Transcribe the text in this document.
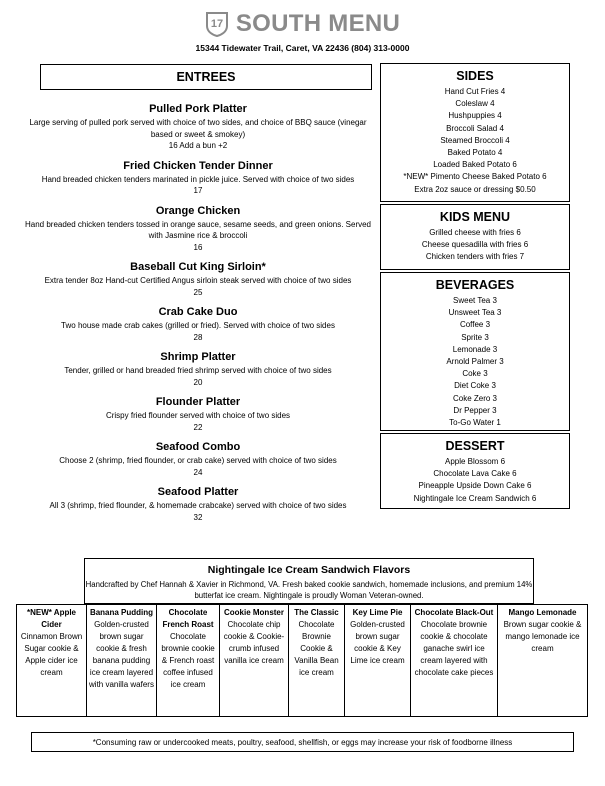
17 SOUTH MENU
15344 Tidewater Trail, Caret, VA 22436 (804) 313-0000
ENTREES
Pulled Pork Platter
Large serving of pulled pork served with choice of two sides, and choice of BBQ sauce (vinegar based or sweet & smokey)
16 Add a bun +2
Fried Chicken Tender Dinner
Hand breaded chicken tenders marinated in pickle juice. Served with choice of two sides
17
Orange Chicken
Hand breaded chicken tenders tossed in orange sauce, sesame seeds, and green onions. Served with Jasmine rice & broccoli
16
Baseball Cut King Sirloin*
Extra tender 8oz Hand-cut Certified Angus sirloin steak served with choice of two sides
25
Crab Cake Duo
Two house made crab cakes (grilled or fried). Served with choice of two sides
28
Shrimp Platter
Tender, grilled or hand breaded fried shrimp served with choice of two sides
20
Flounder Platter
Crispy fried flounder served with choice of two sides
22
Seafood Combo
Choose 2 (shrimp, fried flounder, or crab cake) served with choice of two sides
24
Seafood Platter
All 3 (shrimp, fried flounder, & homemade crabcake) served with choice of two sides
32
SIDES
Hand Cut Fries 4
Coleslaw 4
Hushpuppies 4
Broccoli Salad 4
Steamed Broccoli 4
Baked Potato 4
Loaded Baked Potato 6
*NEW* Pimento Cheese Baked Potato 6
Extra 2oz sauce or dressing $0.50
KIDS MENU
Grilled cheese with fries 6
Cheese quesadilla with fries 6
Chicken tenders with fries 7
BEVERAGES
Sweet Tea 3
Unsweet Tea 3
Coffee 3
Sprite 3
Lemonade 3
Arnold Palmer 3
Coke 3
Diet Coke 3
Coke Zero 3
Dr Pepper 3
To-Go Water 1
DESSERT
Apple Blossom 6
Chocolate Lava Cake 6
Pineapple Upside Down Cake 6
Nightingale Ice Cream Sandwich 6
Nightingale Ice Cream Sandwich Flavors
Handcrafted by Chef Hannah & Xavier in Richmond, VA. Fresh baked cookie sandwich, homemade inclusions, and premium 14% butterfat ice cream. Nightingale is proudly Woman Veteran-owned.
*NEW* Apple Cider
Cinnamon Brown Sugar cookie & Apple cider ice cream
Banana Pudding
Golden-crusted brown sugar cookie & fresh banana pudding ice cream layered with vanilla wafers
Chocolate French Roast
Chocolate brownie cookie & French roast coffee infused ice cream
Cookie Monster
Chocolate chip cookie & Cookie-crumb infused vanilla ice cream
The Classic
Chocolate Brownie Cookie & Vanilla Bean ice cream
Key Lime Pie
Golden-crusted brown sugar cookie & Key Lime ice cream
Chocolate Black-Out
Chocolate brownie cookie & chocolate ganache swirl ice cream layered with chocolate cake pieces
Mango Lemonade
Brown sugar cookie & mango lemonade ice cream
*Consuming raw or undercooked meats, poultry, seafood, shellfish, or eggs may increase your risk of foodborne illness
